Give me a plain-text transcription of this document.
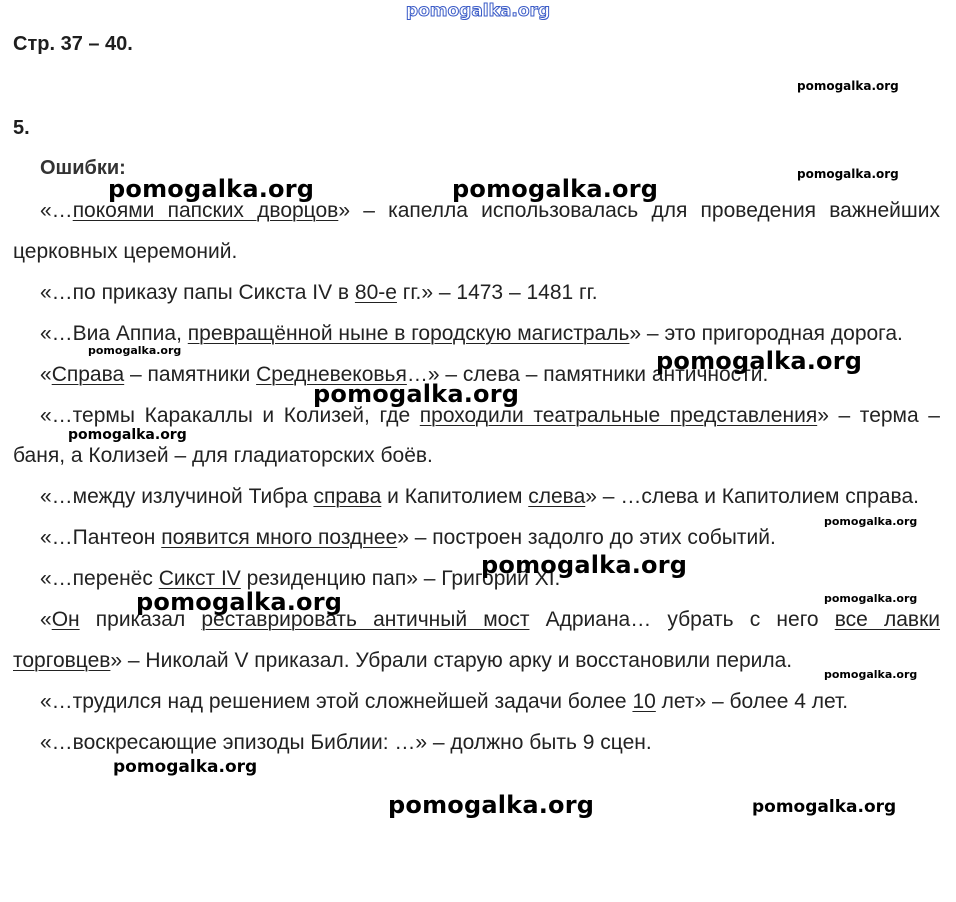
pomogalka.org
Стр. 37 – 40.
5.
Ошибки:

«…покоями папских дворцов» – капелла использовалась для проведения важнейших церковных церемоний.

«…по приказу папы Сикста IV в 80-е гг.» – 1473 – 1481 гг.

«…Виа Аппиа, превращённой ныне в городскую магистраль» – это пригородная дорога.

«Справа – памятники Средневековья…» – слева – памятники античности.

«…термы Каракаллы и Колизей, где проходили театральные представления» – терма – баня, а Колизей – для гладиаторских боёв.

«…между излучиной Тибра справа и Капитолием слева» – …слева и Капитолием справа.

«…Пантеон появится много позднее» – построен задолго до этих событий.

«…перенёс Сикст IV резиденцию пап» – Григорий XI.

«Он приказал реставрировать античный мост Адриана… убрать с него все лавки торговцев» – Николай V приказал. Убрали старую арку и восстановили перила.

«…трудился над решением этой сложнейшей задачи более 10 лет» – более 4 лет.

«…воскресающие эпизоды Библии: …» – должно быть 9 сцен.

pomogalka.org
pomogalka.org
pomogalka.org	pomogalka.org
pomogalka.org	pomogalka.org
pomogalka.org
pomogalka.org
pomogalka.org
pomogalka.org
pomogalka.org	pomogalka.org
pomogalka.org
pomogalka.org
pomogalka.org	pomogalka.org
